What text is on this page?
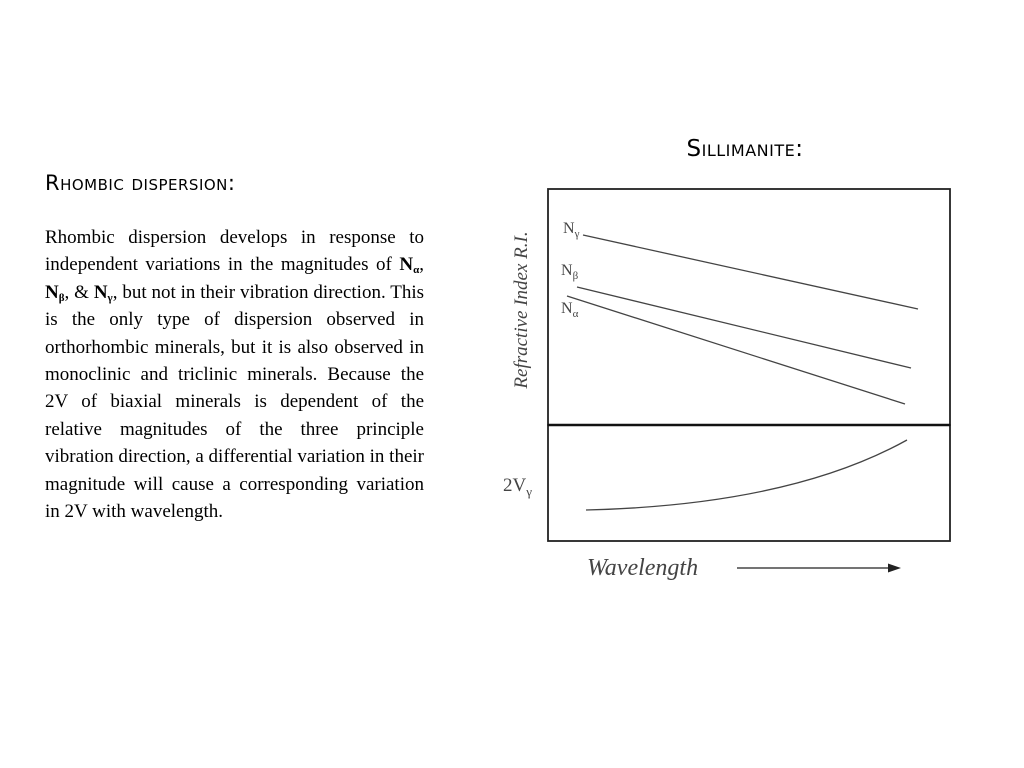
Rhombic dispersion:

Rhombic dispersion develops in response to independent variations in the magnitudes of $N_\alpha$, $N_\beta$, & $N_\gamma$, but not in their vibration direction. This is the only type of dispersion observed in orthorhombic minerals, but it is also observed in monoclinic and triclinic minerals. Because the 2V of biaxial minerals is dependent of the relative magnitudes of the three principle vibration direction, a differential variation in their magnitude will cause a corresponding variation in 2V with wavelength.

Sillimanite:
Refractive Index R.I.
$N_\gamma$
$N_\beta$
$N_\alpha$
$2V_\gamma$
Wavelength
